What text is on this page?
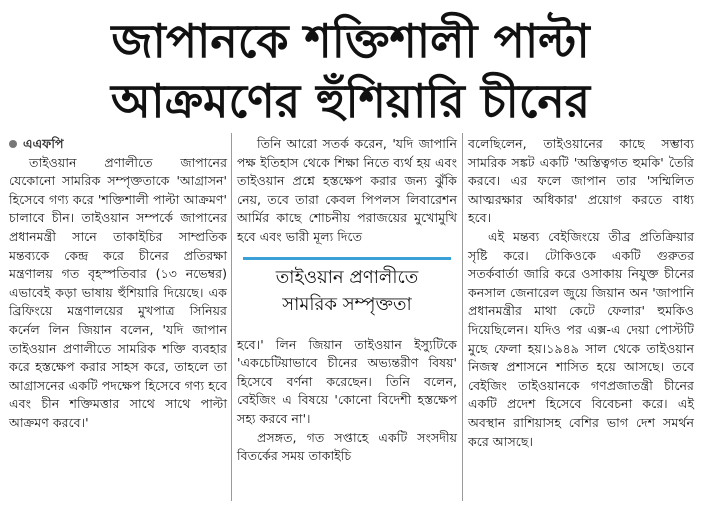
জাপানকে শক্তিশালী পাল্টা
আক্রমণের হুঁশিয়ারি চীনের

এএফপি

তাইওয়ান প্রণালীতে জাপানের যেকোনো সামরিক সম্পৃক্ততাকে 'আগ্রাসন' হিসেবে গণ্য করে 'শক্তিশালী পাল্টা আক্রমণ' চালাবে চীন। তাইওয়ান সম্পর্কে জাপানের প্রধানমন্ত্রী সানে তাকাইচির সাম্প্রতিক মন্তব্যকে কেন্দ্র করে চীনের প্রতিরক্ষা মন্ত্রণালয় গত বৃহস্পতিবার (১৩ নভেম্বর) এভাবেই কড়া ভাষায় হুঁশিয়ারি দিয়েছে। এক ব্রিফিংয়ে মন্ত্রণালয়ের মুখপাত্র সিনিয়র কর্নেল লিন জিয়ান বলেন, 'যদি জাপান তাইওয়ান প্রণালীতে সামরিক শক্তি ব্যবহার করে হস্তক্ষেপ করার সাহস করে, তাহলে তা আগ্রাসনের একটি পদক্ষেপ হিসেবে গণ্য হবে এবং চীন শক্তিমত্তার সাথে সাথে পাল্টা আক্রমণ করবে।'

তিনি আরো সতর্ক করেন, 'যদি জাপানি পক্ষ ইতিহাস থেকে শিক্ষা নিতে ব্যর্থ হয় এবং তাইওয়ান প্রশ্নে হস্তক্ষেপ করার জন্য ঝুঁকি নেয়, তবে তারা কেবল পিপলস লিবারেশন আর্মির কাছে শোচনীয় পরাজয়ের মুখোমুখি হবে এবং ভারী মূল্য দিতে

তাইওয়ান প্রণালীতে
সামরিক সম্পৃক্ততা

হবে।' লিন জিয়ান তাইওয়ান ইস্যুটিকে 'একচেটিয়াভাবে চীনের অভ্যন্তরীণ বিষয়' হিসেবে বর্ণনা করেছেন। তিনি বলেন, বেইজিং এ বিষয়ে 'কোনো বিদেশী হস্তক্ষেপ সহ্য করবে না'।

প্রসঙ্গত, গত সপ্তাহে একটি সংসদীয় বিতর্কের সময় তাকাইচি

বলেছিলেন, তাইওয়ানের কাছে সম্ভাব্য সামরিক সঙ্কট একটি 'অস্তিত্বগত হুমকি' তৈরি করবে। এর ফলে জাপান তার 'সম্মিলিত আত্মরক্ষার অধিকার' প্রয়োগ করতে বাধ্য হবে।

এই মন্তব্য বেইজিংয়ে তীব্র প্রতিক্রিয়ার সৃষ্টি করে। টোকিওকে একটি গুরুতর সতর্কবার্তা জারি করে ওসাকায় নিযুক্ত চীনের কনসাল জেনারেল জুয়ে জিয়ান অন 'জাপানি প্রধানমন্ত্রীর মাথা কেটে ফেলার' হুমকিও দিয়েছিলেন। যদিও পর এক্স-এ দেয়া পোস্টটি মুছে ফেলা হয়।১৯৪৯ সাল থেকে তাইওয়ান নিজস্ব প্রশাসনে শাসিত হয়ে আসছে। তবে বেইজিং তাইওয়ানকে গণপ্রজাতন্ত্রী চীনের একটি প্রদেশ হিসেবে বিবেচনা করে। এই অবস্থান রাশিয়াসহ বেশির ভাগ দেশ সমর্থন করে আসছে।
